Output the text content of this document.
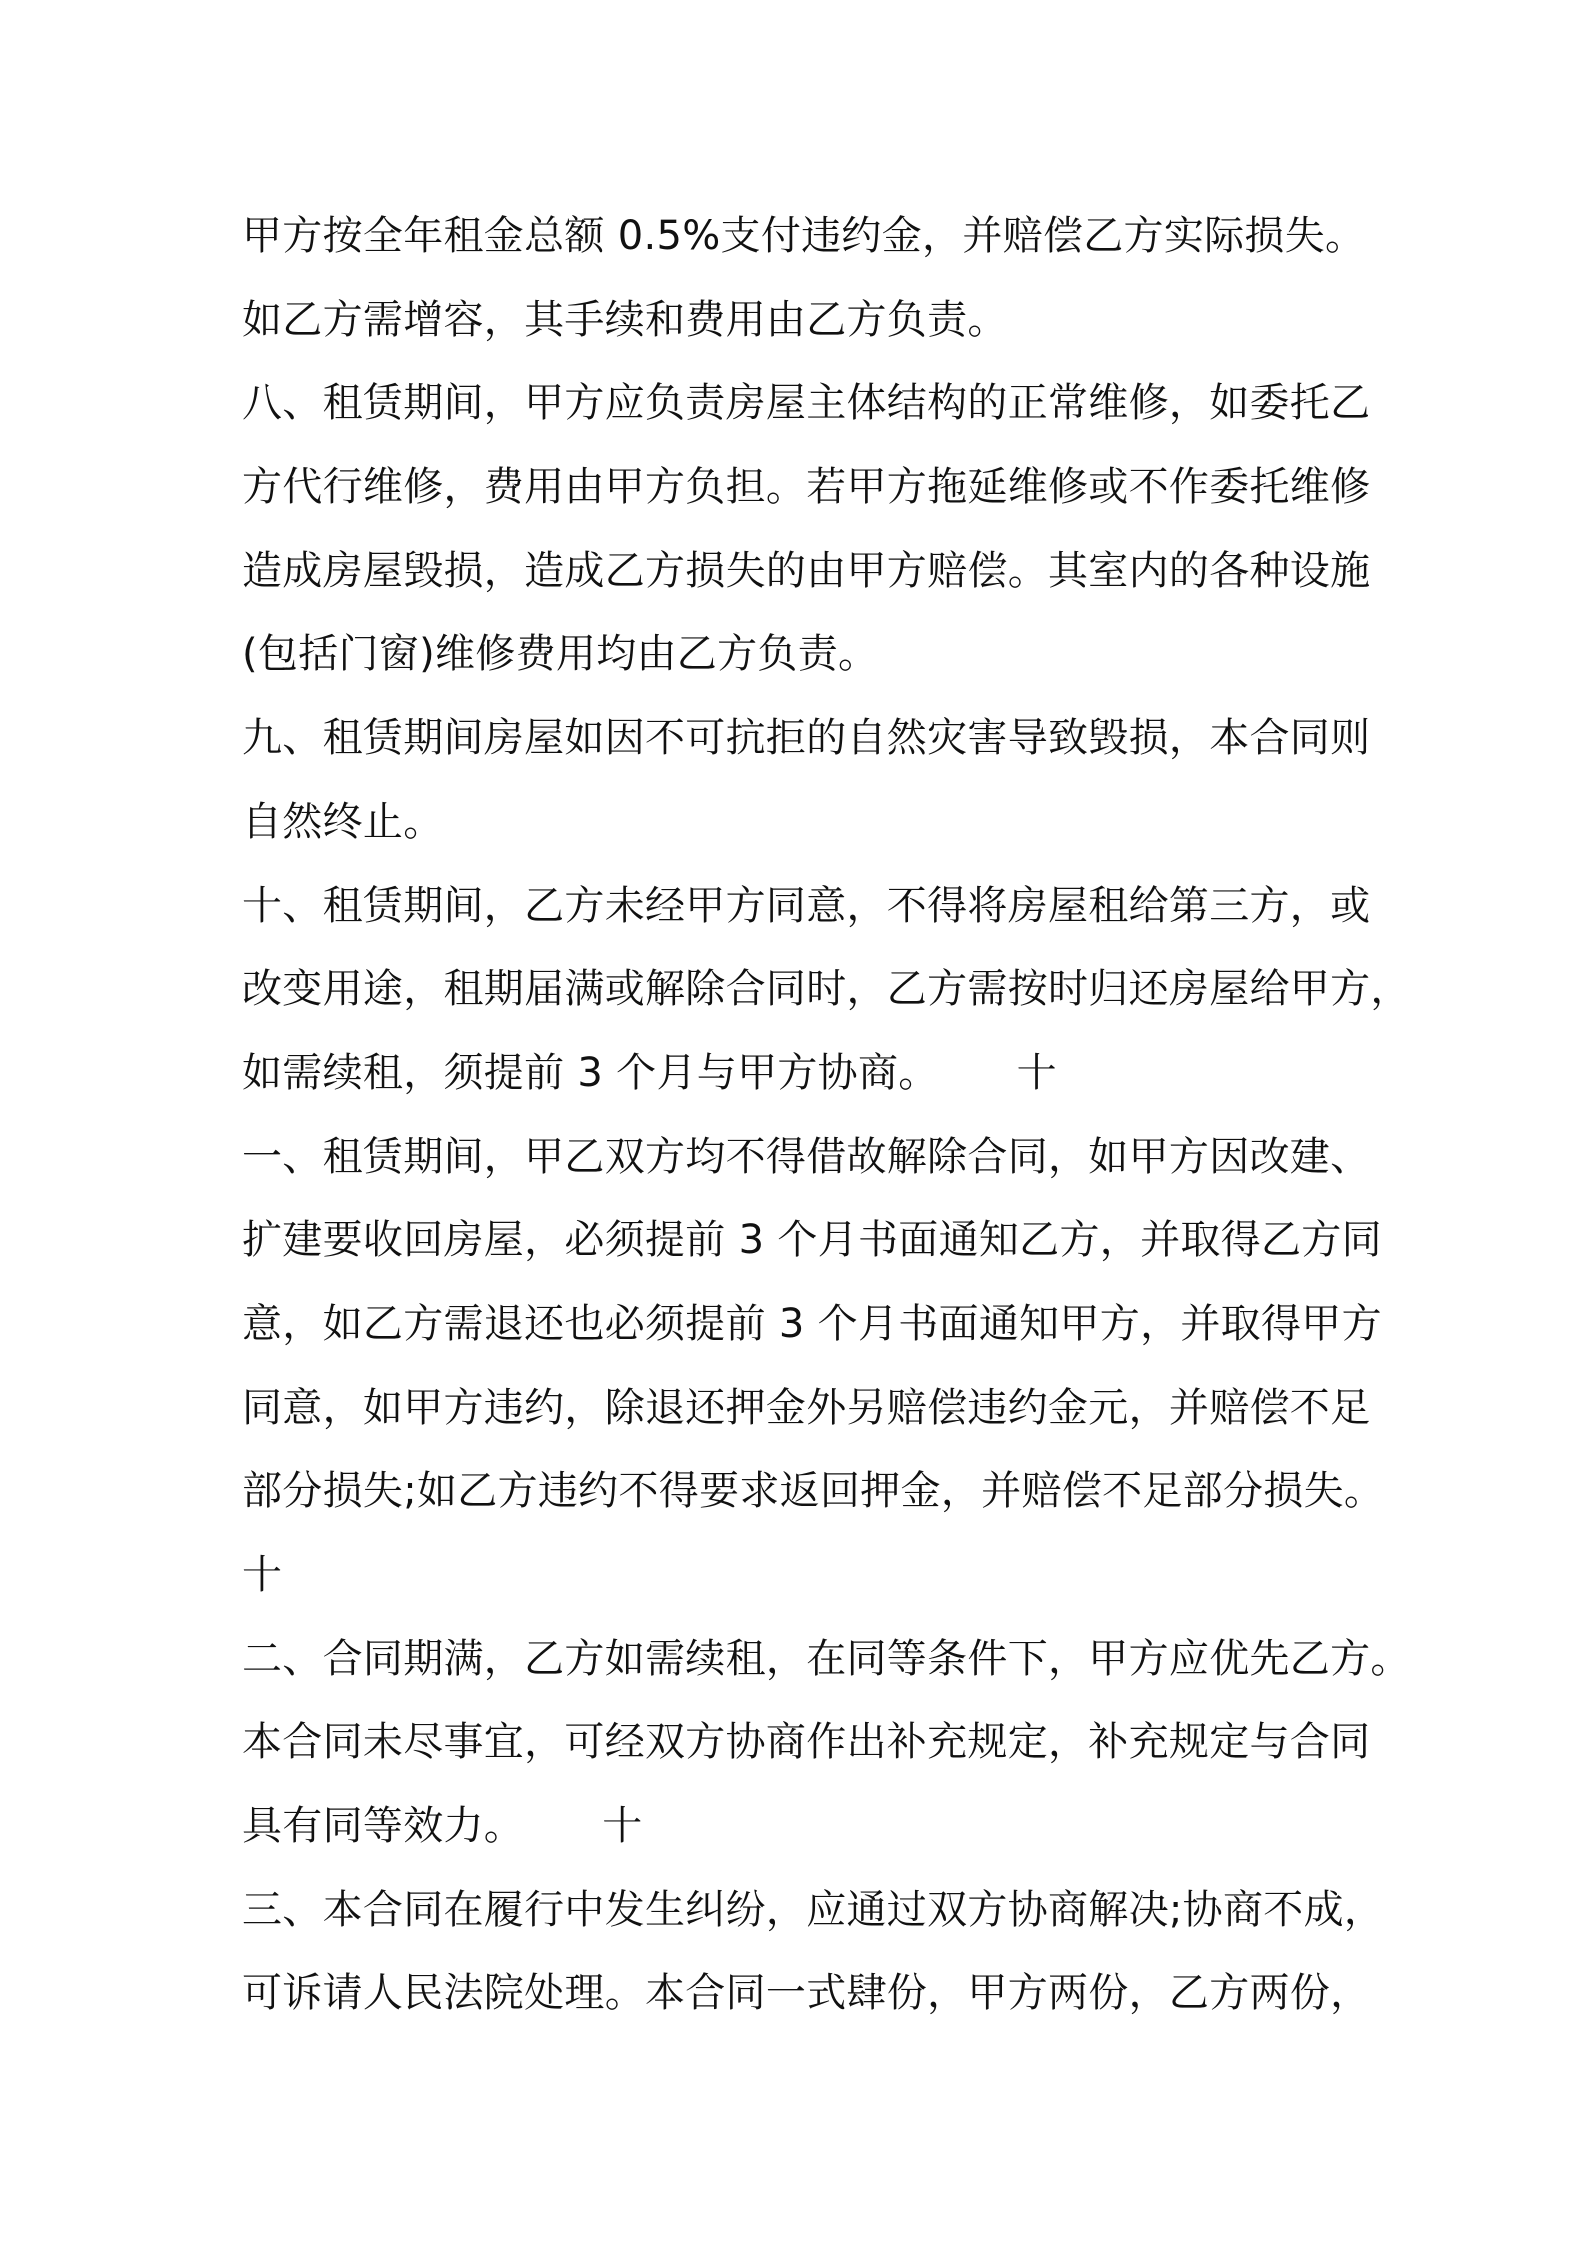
甲方按全年租金总额 0.5%支付违约金，并赔偿乙方实际损失。
如乙方需增容，其手续和费用由乙方负责。
八、租赁期间，甲方应负责房屋主体结构的正常维修，如委托乙
方代行维修，费用由甲方负担。若甲方拖延维修或不作委托维修
造成房屋毁损，造成乙方损失的由甲方赔偿。其室内的各种设施
(包括门窗)维修费用均由乙方负责。
九、租赁期间房屋如因不可抗拒的自然灾害导致毁损，本合同则
自然终止。
十、租赁期间，乙方未经甲方同意，不得将房屋租给第三方，或
改变用途，租期届满或解除合同时，乙方需按时归还房屋给甲方，
如需续租，须提前 3 个月与甲方协商。      十
一、租赁期间，甲乙双方均不得借故解除合同，如甲方因改建、
扩建要收回房屋，必须提前 3 个月书面通知乙方，并取得乙方同
意，如乙方需退还也必须提前 3 个月书面通知甲方，并取得甲方
同意，如甲方违约，除退还押金外另赔偿违约金元，并赔偿不足
部分损失;如乙方违约不得要求返回押金，并赔偿不足部分损失。
十
二、合同期满，乙方如需续租，在同等条件下，甲方应优先乙方。
本合同未尽事宜，可经双方协商作出补充规定，补充规定与合同
具有同等效力。      十
三、本合同在履行中发生纠纷，应通过双方协商解决;协商不成，
可诉请人民法院处理。本合同一式肆份，甲方两份，乙方两份，
